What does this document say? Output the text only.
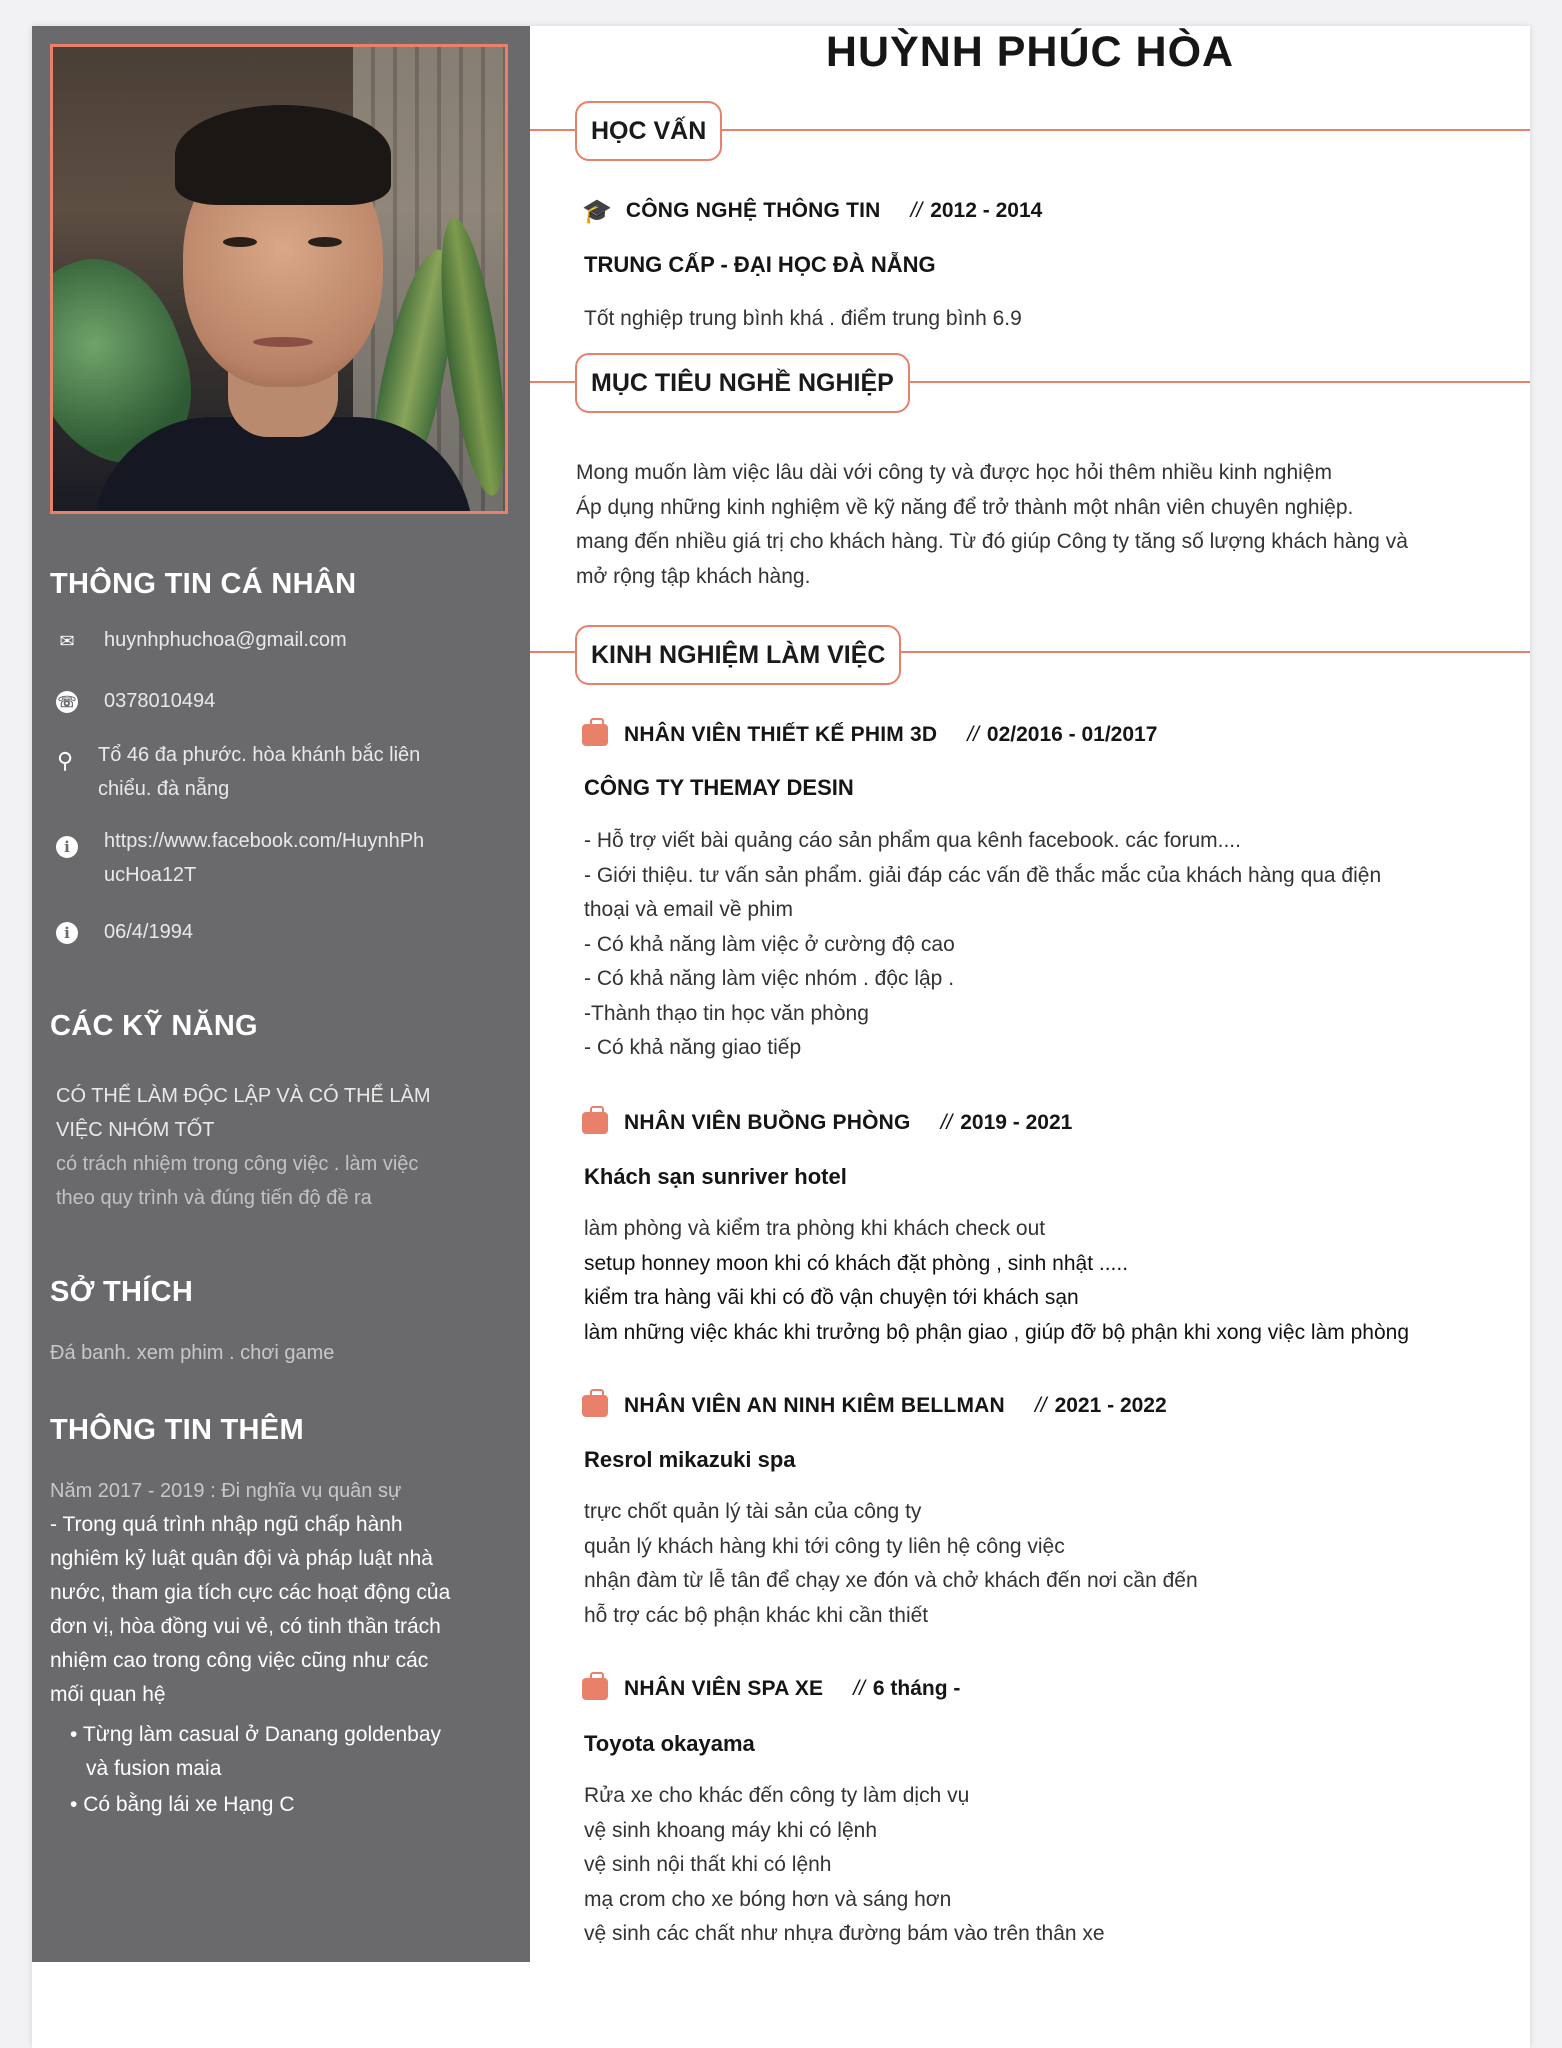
THÔNG TIN CÁ NHÂN
✉ huynhphuchoa@gmail.com

☏ 0378010494

⚲ Tổ 46 đa phước. hòa khánh bắc liên
chiểu. đà nẵng

i	https://www.facebook.com/HuynhPh
ucHoa12T

i	06/4/1994

CÁC KỸ NĂNG

CÓ THỂ LÀM ĐỘC LẬP VÀ CÓ THỂ LÀM
VIỆC NHÓM TỐT
có trách nhiệm trong công việc . làm việc
theo quy trình và đúng tiến độ đề ra

SỞ THÍCH

Đá banh. xem phim . chơi game

THÔNG TIN THÊM

Năm 2017 - 2019 : Đi nghĩa vụ quân sự

- Trong quá trình nhập ngũ chấp hành
nghiêm kỷ luật quân đội và pháp luật nhà
nước, tham gia tích cực các hoạt động của
đơn vị, hòa đồng vui vẻ, có tinh thần trách
nhiệm cao trong công việc cũng như các
mối quan hệ

• Từng làm casual ở Danang goldenbay
và fusion maia

• Có bằng lái xe Hạng C

HUỲNH PHÚC HÒA
HỌC VẤN
🎓 CÔNG NGHỆ THÔNG TIN // 2012 - 2014

TRUNG CẤP - ĐẠI HỌC ĐÀ NẴNG

Tốt nghiệp trung bình khá . điểm trung bình 6.9

MỤC TIÊU NGHỀ NGHIỆP

Mong muốn làm việc lâu dài với công ty và được học hỏi thêm nhiều kinh nghiệm
Áp dụng những kinh nghiệm về kỹ năng để trở thành một nhân viên chuyên nghiệp.
mang đến nhiều giá trị cho khách hàng. Từ đó giúp Công ty tăng số lượng khách hàng và
mở rộng tập khách hàng.

KINH NGHIỆM LÀM VIỆC
NHÂN VIÊN THIẾT KẾ PHIM 3D // 02/2016 - 01/2017

CÔNG TY THEMAY DESIN

- Hỗ trợ viết bài quảng cáo sản phẩm qua kênh facebook. các forum....
- Giới thiệu. tư vấn sản phẩm. giải đáp các vấn đề thắc mắc của khách hàng qua điện
thoại và email về phim
- Có khả năng làm việc ở cường độ cao
- Có khả năng làm việc nhóm . độc lập .
-Thành thạo tin học văn phòng
- Có khả năng giao tiếp

NHÂN VIÊN BUỒNG PHÒNG // 2019 - 2021

Khách sạn sunriver hotel

làm phòng và kiểm tra phòng khi khách check out
setup honney moon khi có khách đặt phòng , sinh nhật .....
kiểm tra hàng vãi khi có đồ vận chuyện tới khách sạn
làm những việc khác khi trưởng bộ phận giao , giúp đỡ bộ phận khi xong việc làm phòng

NHÂN VIÊN AN NINH KIÊM BELLMAN // 2021 - 2022

Resrol mikazuki spa

trực chốt quản lý tài sản của công ty
quản lý khách hàng khi tới công ty liên hệ công việc
nhận đàm từ lễ tân để chạy xe đón và chở khách đến nơi cần đến
hỗ trợ các bộ phận khác khi cần thiết

NHÂN VIÊN SPA XE // 6 tháng -

Toyota okayama

Rửa xe cho khác đến công ty làm dịch vụ
vệ sinh khoang máy khi có lệnh
vệ sinh nội thất khi có lệnh
mạ crom cho xe bóng hơn và sáng hơn
vệ sinh các chất như nhựa đường bám vào trên thân xe
